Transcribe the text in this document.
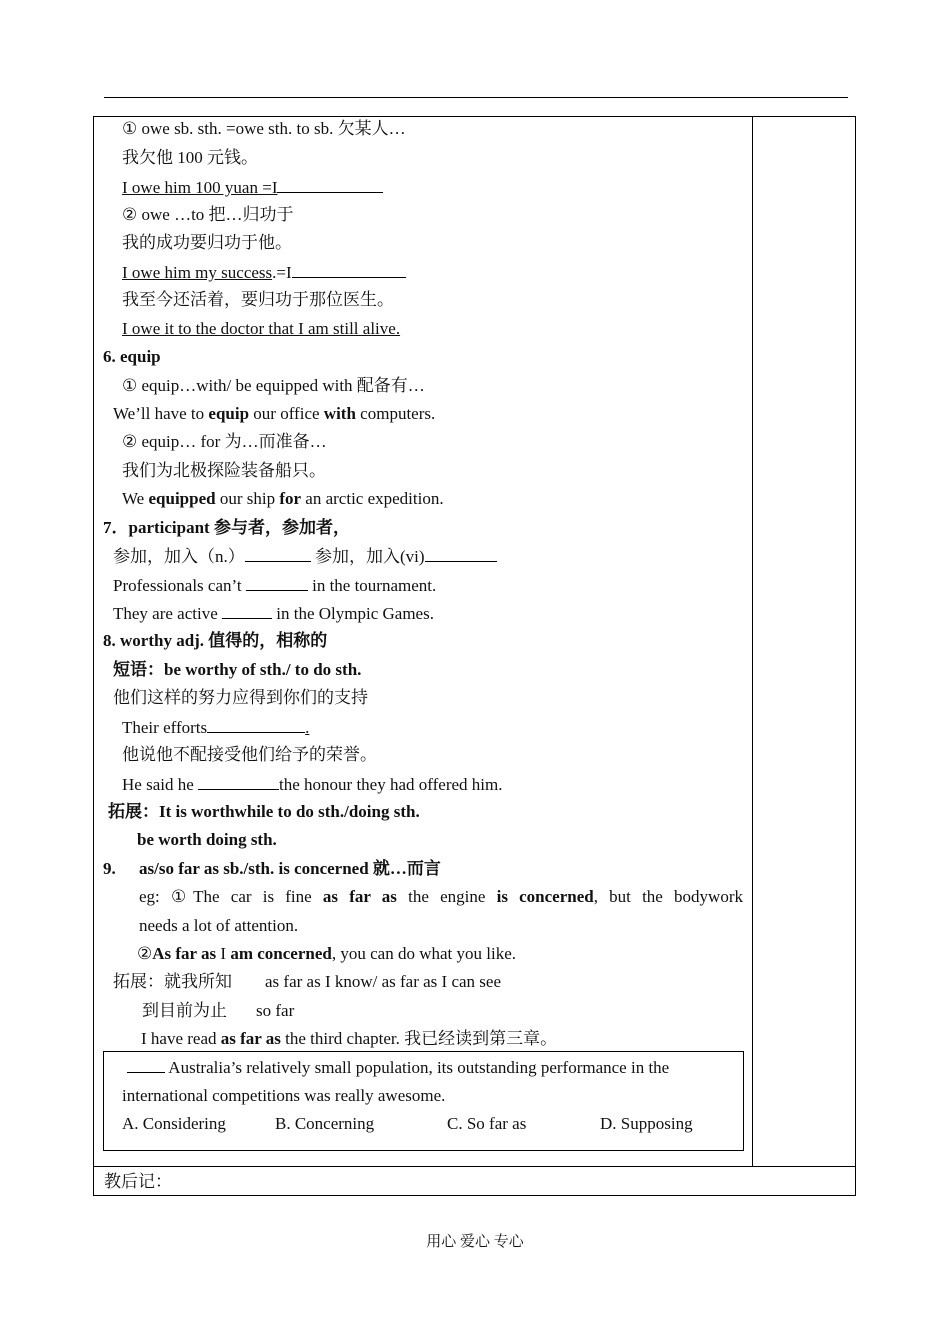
① owe sb. sth. =owe sth. to sb. 欠某人…
我欠他 100 元钱。
I owe him 100 yuan =I
② owe …to 把…归功于
我的成功要归功于他。
I owe him my success.=I
我至今还活着，要归功于那位医生。
I owe it to the doctor that I am still alive.
6. equip
① equip…with/ be equipped with 配备有…
We’ll have to equip our office with computers.
② equip… for 为…而准备…
我们为北极探险装备船只。
We equipped our ship for an arctic expedition.
7．participant 参与者，参加者，
参加，加入（n.）	参加，加入(vi)
Professionals can’t	in the tournament.
They are active	in the Olympic Games.
8. worthy adj. 值得的，相称的
短语：be worthy of sth./ to do sth.
他们这样的努力应得到你们的支持
Their efforts	.
他说他不配接受他们给予的荣誉。
He said he	the honour they had offered him.
拓展：It is worthwhile to do sth./doing sth.
be worth doing sth.
9. as/so far as sb./sth. is concerned 就…而言
eg: ①The car is fine as far as the engine is concerned, but the bodywork
needs a lot of attention.
②As far as I am concerned, you can do what you like.
拓展：就我所知 as far as I know/ as far as I can see
到目前为止 so far
I have read as far as the third chapter. 我已经读到第三章。
Australia’s relatively small population, its outstanding performance in the
international competitions was really awesome.
A. Considering	B. Concerning	C. So far as	D. Supposing
教后记：
用心 爱心 专心
